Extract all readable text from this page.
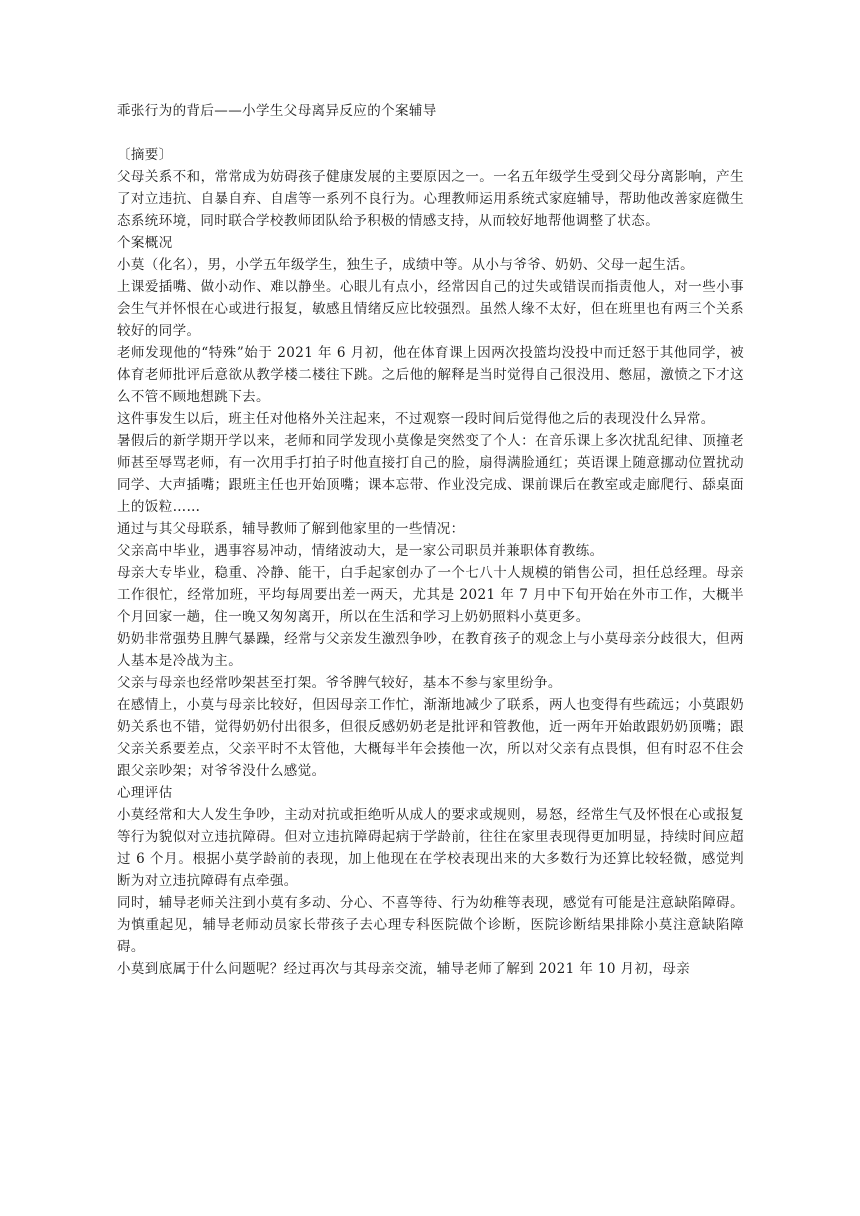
乖张行为的背后——小学生父母离异反应的个案辅导

〔摘要〕

父母关系不和，常常成为妨碍孩子健康发展的主要原因之一。一名五年级学生受到父母分离影响，产生了对立违抗、自暴自弃、自虐等一系列不良行为。心理教师运用系统式家庭辅导，帮助他改善家庭微生态系统环境，同时联合学校教师团队给予积极的情感支持，从而较好地帮他调整了状态。

个案概况

小莫（化名），男，小学五年级学生，独生子，成绩中等。从小与爷爷、奶奶、父母一起生活。

上课爱插嘴、做小动作、难以静坐。心眼儿有点小，经常因自己的过失或错误而指责他人，对一些小事会生气并怀恨在心或进行报复，敏感且情绪反应比较强烈。虽然人缘不太好，但在班里也有两三个关系较好的同学。

老师发现他的“特殊”始于 2021 年 6 月初，他在体育课上因两次投篮均没投中而迁怒于其他同学，被体育老师批评后意欲从教学楼二楼往下跳。之后他的解释是当时觉得自己很没用、憋屈，激愤之下才这么不管不顾地想跳下去。

这件事发生以后，班主任对他格外关注起来，不过观察一段时间后觉得他之后的表现没什么异常。

暑假后的新学期开学以来，老师和同学发现小莫像是突然变了个人：在音乐课上多次扰乱纪律、顶撞老师甚至辱骂老师，有一次用手打拍子时他直接打自己的脸，扇得满脸通红；英语课上随意挪动位置扰动同学、大声插嘴；跟班主任也开始顶嘴；课本忘带、作业没完成、课前课后在教室或走廊爬行、舔桌面上的饭粒……

通过与其父母联系，辅导教师了解到他家里的一些情况：

父亲高中毕业，遇事容易冲动，情绪波动大，是一家公司职员并兼职体育教练。

母亲大专毕业，稳重、冷静、能干，白手起家创办了一个七八十人规模的销售公司，担任总经理。母亲工作很忙，经常加班，平均每周要出差一两天，尤其是 2021 年 7 月中下旬开始在外市工作，大概半个月回家一趟，住一晚又匆匆离开，所以在生活和学习上奶奶照料小莫更多。

奶奶非常强势且脾气暴躁，经常与父亲发生激烈争吵，在教育孩子的观念上与小莫母亲分歧很大，但两人基本是冷战为主。

父亲与母亲也经常吵架甚至打架。爷爷脾气较好，基本不参与家里纷争。

在感情上，小莫与母亲比较好，但因母亲工作忙，渐渐地减少了联系，两人也变得有些疏远；小莫跟奶奶关系也不错，觉得奶奶付出很多，但很反感奶奶老是批评和管教他，近一两年开始敢跟奶奶顶嘴；跟父亲关系要差点，父亲平时不太管他，大概每半年会揍他一次，所以对父亲有点畏惧，但有时忍不住会跟父亲吵架；对爷爷没什么感觉。

心理评估

小莫经常和大人发生争吵，主动对抗或拒绝听从成人的要求或规则，易怒，经常生气及怀恨在心或报复等行为貌似对立违抗障碍。但对立违抗障碍起病于学龄前，往往在家里表现得更加明显，持续时间应超过 6 个月。根据小莫学龄前的表现，加上他现在在学校表现出来的大多数行为还算比较轻微，感觉判断为对立违抗障碍有点牵强。

同时，辅导老师关注到小莫有多动、分心、不喜等待、行为幼稚等表现，感觉有可能是注意缺陷障碍。为慎重起见，辅导老师动员家长带孩子去心理专科医院做个诊断，医院诊断结果排除小莫注意缺陷障碍。

小莫到底属于什么问题呢？经过再次与其母亲交流，辅导老师了解到 2021 年 10 月初，母亲
